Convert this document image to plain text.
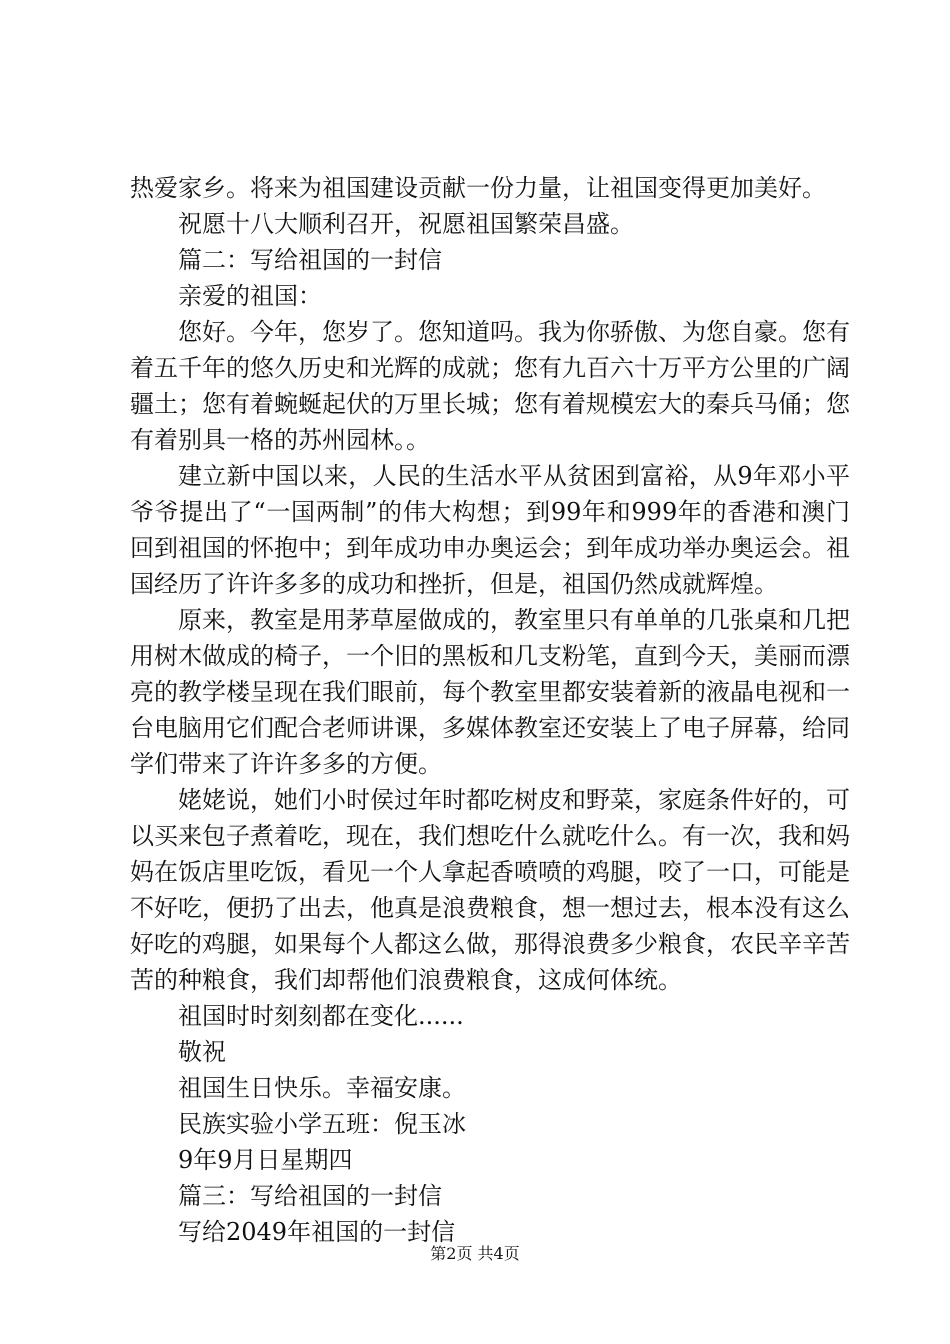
热爱家乡。将来为祖国建设贡献一份力量，让祖国变得更加美好。

祝愿十八大顺利召开，祝愿祖国繁荣昌盛。

篇二：写给祖国的一封信

亲爱的祖国：

您好。今年，您岁了。您知道吗。我为你骄傲、为您自豪。您有着五千年的悠久历史和光辉的成就；您有九百六十万平方公里的广阔疆土；您有着蜿蜒起伏的万里长城；您有着规模宏大的秦兵马俑；您有着别具一格的苏州园林。。

建立新中国以来，人民的生活水平从贫困到富裕，从9年邓小平爷爷提出了“一国两制”的伟大构想；到99年和999年的香港和澳门回到祖国的怀抱中；到年成功申办奥运会；到年成功举办奥运会。祖国经历了许许多多的成功和挫折，但是，祖国仍然成就辉煌。

原来，教室是用茅草屋做成的，教室里只有单单的几张桌和几把用树木做成的椅子，一个旧的黑板和几支粉笔，直到今天，美丽而漂亮的教学楼呈现在我们眼前，每个教室里都安装着新的液晶电视和一台电脑用它们配合老师讲课，多媒体教室还安装上了电子屏幕，给同学们带来了许许多多的方便。

姥姥说，她们小时侯过年时都吃树皮和野菜，家庭条件好的，可以买来包子煮着吃，现在，我们想吃什么就吃什么。有一次，我和妈妈在饭店里吃饭，看见一个人拿起香喷喷的鸡腿，咬了一口，可能是不好吃，便扔了出去，他真是浪费粮食，想一想过去，根本没有这么好吃的鸡腿，如果每个人都这么做，那得浪费多少粮食，农民辛辛苦苦的种粮食，我们却帮他们浪费粮食，这成何体统。

祖国时时刻刻都在变化......

敬祝

祖国生日快乐。幸福安康。

民族实验小学五班：倪玉冰

9年9月日星期四

篇三：写给祖国的一封信

写给2049年祖国的一封信

第2页 共4页
